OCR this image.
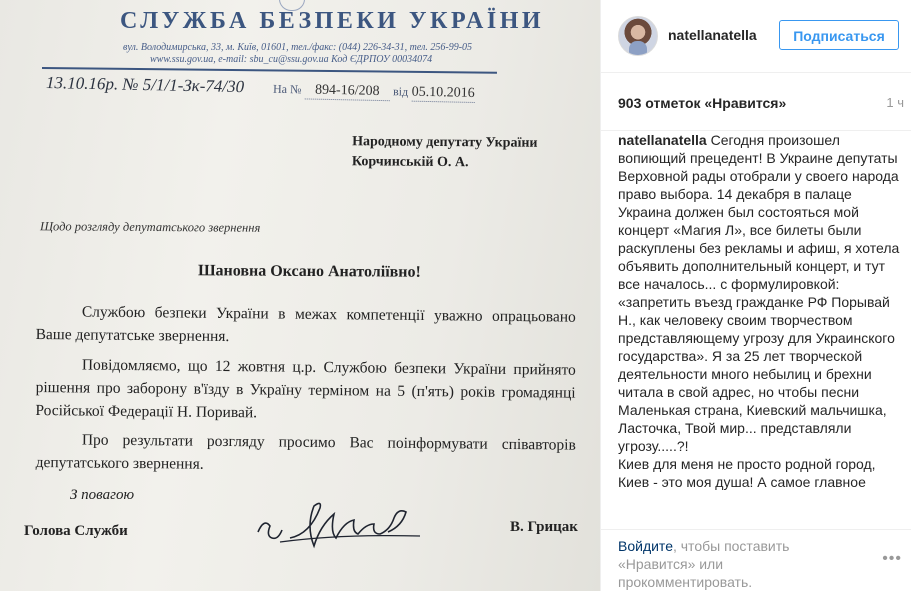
СЛУЖБА БЕЗПЕКИ УКРАЇНИ
вул. Володимирська, 33, м. Київ, 01601, тел./факс: (044) 226-34-31, тел. 256-99-05
www.ssu.gov.ua, e-mail: sbu_cu@ssu.gov.ua Код ЄДРПОУ 00034074
13.10.16р. № 5/1/1-Зк-74/30 На № 894-16/208 від 05.10.2016
Народному депутату України
Корчинській О. А.
Щодо розгляду депутатського звернення
Шановна Оксано Анатоліївно!
Службою безпеки України в межах компетенції уважно опрацьовано Ваше депутатське звернення.
Повідомляємо, що 12 жовтня ц.р. Службою безпеки України прийнято рішення про заборону в'їзду в Україну терміном на 5 (п'ять) років громадянці Російської Федерації Н. Поривай.
Про результати розгляду просимо Вас поінформувати співавторів депутатського звернення.
З повагою
Голова Служби	В. Грицак
natellanatella	Подписаться
903 отметок «Нравится»	1 ч
natellanatella Сегодня произошел вопиющий прецедент! В Украине депутаты Верховной рады отобрали у своего народа право выбора. 14 декабря в палаце Украина должен был состояться мой концерт «Магия Л», все билеты были раскуплены без рекламы и афиш, я хотела объявить дополнительный концерт, и тут все началось... с формулировкой: «запретить въезд гражданке РФ Порывай Н., как человеку своим творчеством представляющему угрозу для Украинского государства». Я за 25 лет творческой деятельности много небылиц и брехни читала в свой адрес, но чтобы песни Маленькая страна, Киевский мальчишка, Ласточка, Твой мир... представляли угрозу.....?!
Киев для меня не просто родной город, Киев - это моя душа! А самое главное
Войдите, чтобы поставить «Нравится» или прокомментировать.
•••
